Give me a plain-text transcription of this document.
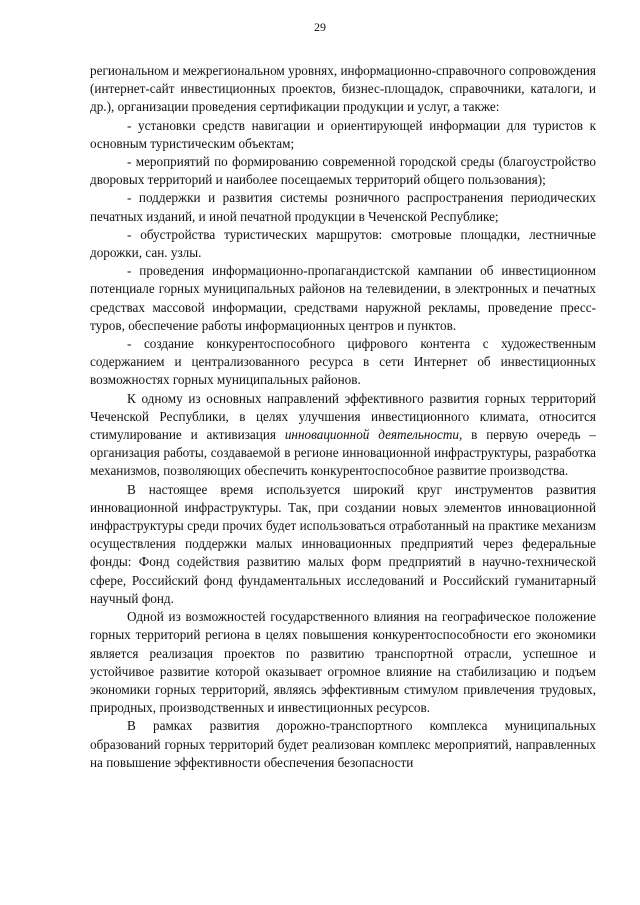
29

региональном и межрегиональном уровнях, информационно-справочного сопровождения (интернет-сайт инвестиционных проектов, бизнес-площадок, справочники, каталоги, и др.), организации проведения сертификации продукции и услуг, а также:

- установки средств навигации и ориентирующей информации для туристов к основным туристическим объектам;

- мероприятий по формированию современной городской среды (благоустройство дворовых территорий и наиболее посещаемых территорий общего пользования);

- поддержки и развития системы розничного распространения периодических печатных изданий, и иной печатной продукции в Чеченской Республике;

- обустройства туристических маршрутов: смотровые площадки, лестничные дорожки, сан. узлы.

- проведения информационно-пропагандистской кампании об инвестиционном потенциале горных муниципальных районов на телевидении, в электронных и печатных средствах массовой информации, средствами наружной рекламы, проведение пресс-туров, обеспечение работы информационных центров и пунктов.

- создание конкурентоспособного цифрового контента с художественным содержанием и централизованного ресурса в сети Интернет об инвестиционных возможностях горных муниципальных районов.

К одному из основных направлений эффективного развития горных территорий Чеченской Республики, в целях улучшения инвестиционного климата, относится стимулирование и активизация инновационной деятельности, в первую очередь – организация работы, создаваемой в регионе инновационной инфраструктуры, разработка механизмов, позволяющих обеспечить конкурентоспособное развитие производства.

В настоящее время используется широкий круг инструментов развития инновационной инфраструктуры. Так, при создании новых элементов инновационной инфраструктуры среди прочих будет использоваться отработанный на практике механизм осуществления поддержки малых инновационных предприятий через федеральные фонды: Фонд содействия развитию малых форм предприятий в научно-технической сфере, Российский фонд фундаментальных исследований и Российский гуманитарный научный фонд.

Одной из возможностей государственного влияния на географическое положение горных территорий региона в целях повышения конкурентоспособности его экономики является реализация проектов по развитию транспортной отрасли, успешное и устойчивое развитие которой оказывает огромное влияние на стабилизацию и подъем экономики горных территорий, являясь эффективным стимулом привлечения трудовых, природных, производственных и инвестиционных ресурсов.

В рамках развития дорожно-транспортного комплекса муниципальных образований горных территорий будет реализован комплекс мероприятий, направленных на повышение эффективности обеспечения безопасности
